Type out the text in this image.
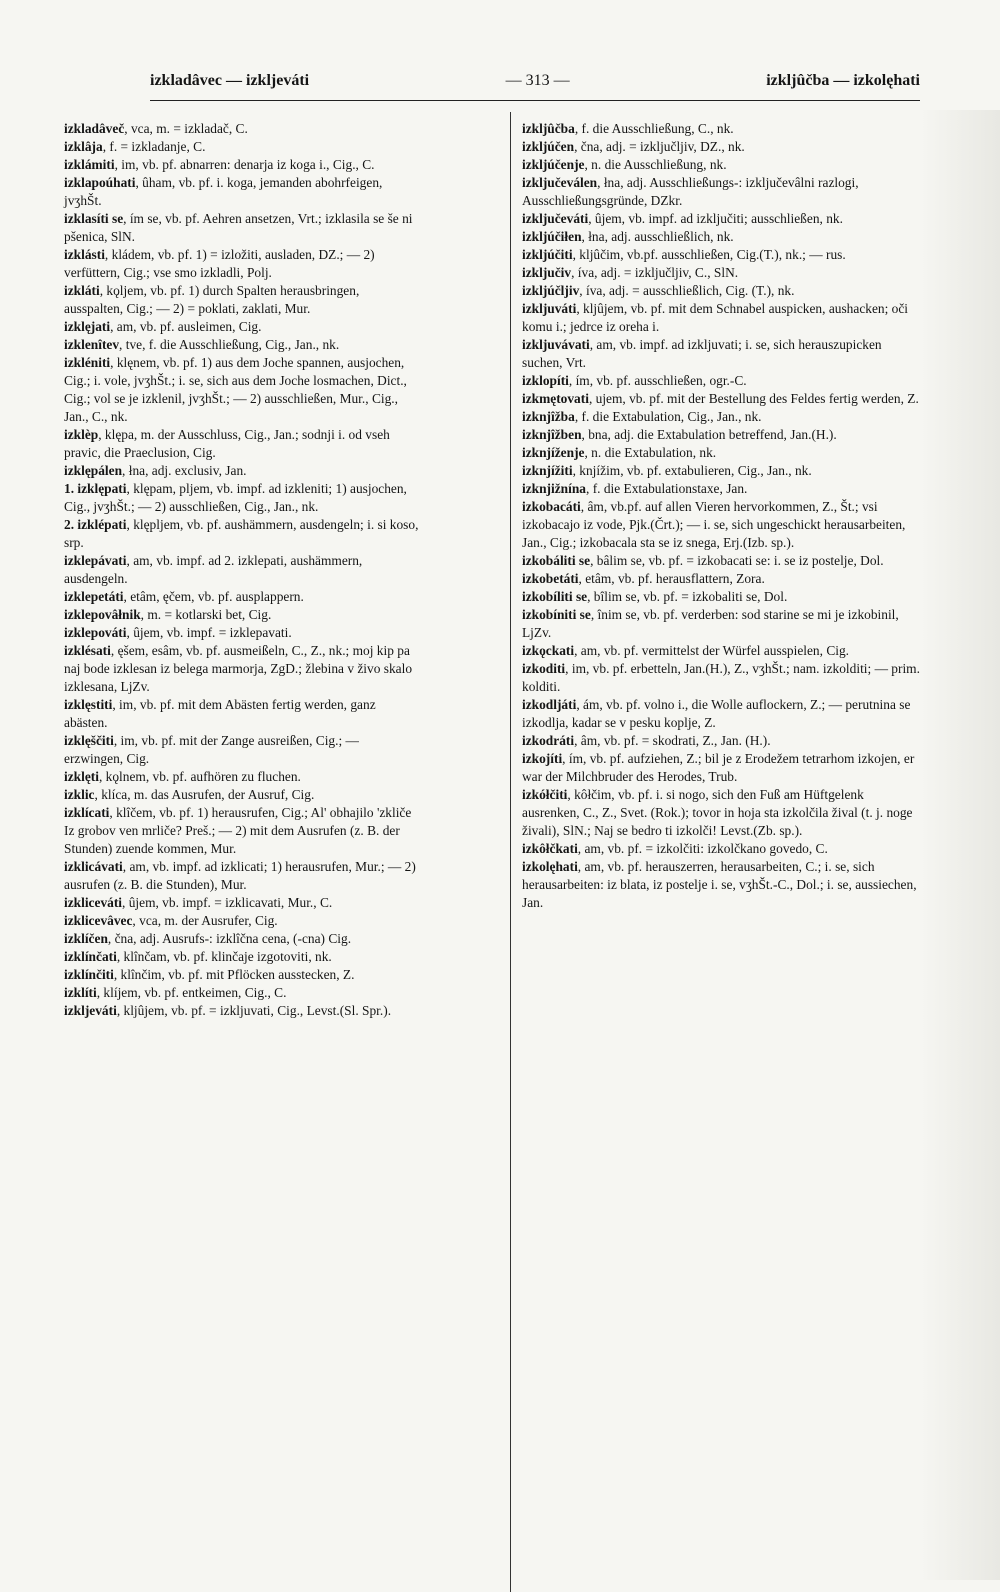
izkladâvec — izkljeváti	— 313 —	izkljûčba — izkolęhati

izkladâveč, vca, m. = izkladač, C.

izklâja, f. = izkladanje, C.

izklámiti, im, vb. pf. abnarren: denarja iz koga i., Cig., C.

izklapoúhati, ûham, vb. pf. i. koga, jemanden abohrfeigen, jvʒhŠt.

izklasíti se, ím se, vb. pf. Aehren ansetzen, Vrt.; izklasila se še ni pšenica, SlN.

izklásti, kládem, vb. pf. 1) = izložiti, ausladen, DZ.; — 2) verfüttern, Cig.; vse smo izkladli, Polj.

izkláti, kǫljem, vb. pf. 1) durch Spalten herausbringen, ausspalten, Cig.; — 2) = poklati, zaklati, Mur.

izklęjati, am, vb. pf. ausleimen, Cig.

izklenîtev, tve, f. die Ausschließung, Cig., Jan., nk.

izkléniti, klęnem, vb. pf. 1) aus dem Joche spannen, ausjochen, Cig.; i. vole, jvʒhŠt.; i. se, sich aus dem Joche losmachen, Dict., Cig.; vol se je izklenil, jvʒhŠt.; — 2) ausschließen, Mur., Cig., Jan., C., nk.

izklèp, klępa, m. der Ausschluss, Cig., Jan.; sodnji i. od vseh pravic, die Praeclusion, Cig.

izklępálen, łna, adj. exclusiv, Jan.

1. izklępati, klępam, pljem, vb. impf. ad izkleniti; 1) ausjochen, Cig., jvʒhŠt.; — 2) ausschließen, Cig., Jan., nk.

2. izklépati, klępljem, vb. pf. aushämmern, ausdengeln; i. si koso, srp.

izklepávati, am, vb. impf. ad 2. izklepati, aushämmern, ausdengeln.

izklepetáti, etâm, ęčem, vb. pf. ausplappern.

izklepovâłnik, m. = kotlarski bet, Cig.

izklepováti, ûjem, vb. impf. = izklepavati.

izklésati, ęšem, esâm, vb. pf. ausmeißeln, C., Z., nk.; moj kip pa naj bode izklesan iz belega marmorja, ZgD.; žlebina v živo skalo izklesana, LjZv.

izklęstiti, im, vb. pf. mit dem Abästen fertig werden, ganz abästen.

izklęščiti, im, vb. pf. mit der Zange ausreißen, Cig.; — erzwingen, Cig.

izklęti, kǫlnem, vb. pf. aufhören zu fluchen.

izklic, klíca, m. das Ausrufen, der Ausruf, Cig.

izklícati, klîčem, vb. pf. 1) herausrufen, Cig.; Al' obhajilo 'zkliče Iz grobov ven mrliče? Preš.; — 2) mit dem Ausrufen (z. B. der Stunden) zuende kommen, Mur.

izklicávati, am, vb. impf. ad izklicati; 1) herausrufen, Mur.; — 2) ausrufen (z. B. die Stunden), Mur.

izkliceváti, ûjem, vb. impf. = izklicavati, Mur., C.

izklicevâvec, vca, m. der Ausrufer, Cig.

izklíčen, čna, adj. Ausrufs-: izklîčna cena, (-cna) Cig.

izklínčati, klînčam, vb. pf. klinčaje izgotoviti, nk.

izklínčiti, klînčim, vb. pf. mit Pflöcken ausstecken, Z.

izklíti, klíjem, vb. pf. entkeimen, Cig., C.

izkljeváti, kljûjem, vb. pf. = izkljuvati, Cig., Levst.(Sl. Spr.).

izkljûčba, f. die Ausschließung, C., nk.

izkljúčen, čna, adj. = izključljiv, DZ., nk.

izkljúčenje, n. die Ausschließung, nk.

izključeválen, łna, adj. Ausschließungs-: izključevâlni razlogi, Ausschließungsgründe, DZkr.

izključeváti, ûjem, vb. impf. ad izključiti; ausschließen, nk.

izkljúčiłen, łna, adj. ausschließlich, nk.

izkljúčiti, kljûčim, vb.pf. ausschließen, Cig.(T.), nk.; — rus.

izključiv, íva, adj. = izključljiv, C., SlN.

izkljúčljiv, íva, adj. = ausschließlich, Cig. (T.), nk.

izkljuváti, kljûjem, vb. pf. mit dem Schnabel auspicken, aushacken; oči komu i.; jedrce iz oreha i.

izkljuvávati, am, vb. impf. ad izkljuvati; i. se, sich herauszupicken suchen, Vrt.

izklopíti, ím, vb. pf. ausschließen, ogr.-C.

izkmętovati, ujem, vb. pf. mit der Bestellung des Feldes fertig werden, Z.

izknjîžba, f. die Extabulation, Cig., Jan., nk.

izknjîžben, bna, adj. die Extabulation betreffend, Jan.(H.).

izknjíženje, n. die Extabulation, nk.

izknjížiti, knjížim, vb. pf. extabulieren, Cig., Jan., nk.

izknjižnína, f. die Extabulationstaxe, Jan.

izkobacáti, âm, vb.pf. auf allen Vieren hervorkommen, Z., Št.; vsi izkobacajo iz vode, Pjk.(Črt.); — i. se, sich ungeschickt herausarbeiten, Jan., Cig.; izkobacala sta se iz snega, Erj.(Izb. sp.).

izkobáliti se, bâlim se, vb. pf. = izkobacati se: i. se iz postelje, Dol.

izkobetáti, etâm, vb. pf. herausflattern, Zora.

izkobíliti se, bîlim se, vb. pf. = izkobaliti se, Dol.

izkobíniti se, înim se, vb. pf. verderben: sod starine se mi je izkobinil, LjZv.

izkǫckati, am, vb. pf. vermittelst der Würfel ausspielen, Cig.

izkoditi, im, vb. pf. erbetteln, Jan.(H.), Z., vʒhŠt.; nam. izkolditi; — prim. kolditi.

izkodljáti, ám, vb. pf. volno i., die Wolle auflockern, Z.; — perutnina se izkodlja, kadar se v pesku koplje, Z.

izkodráti, âm, vb. pf. = skodrati, Z., Jan. (H.).

izkojíti, ím, vb. pf. aufziehen, Z.; bil je z Erodežem tetrarhom izkojen, er war der Milchbruder des Herodes, Trub.

izkółčiti, kôłčim, vb. pf. i. si nogo, sich den Fuß am Hüftgelenk ausrenken, C., Z., Svet. (Rok.); tovor in hoja sta izkolčila žival (t. j. noge živali), SlN.; Naj se bedro ti izkolči! Levst.(Zb. sp.).

izkôłčkati, am, vb. pf. = izkolčiti: izkolčkano govedo, C.

izkolęhati, am, vb. pf. herauszerren, herausarbeiten, C.; i. se, sich herausarbeiten: iz blata, iz postelje i. se, vʒhŠt.-C., Dol.; i. se, aussiechen, Jan.
